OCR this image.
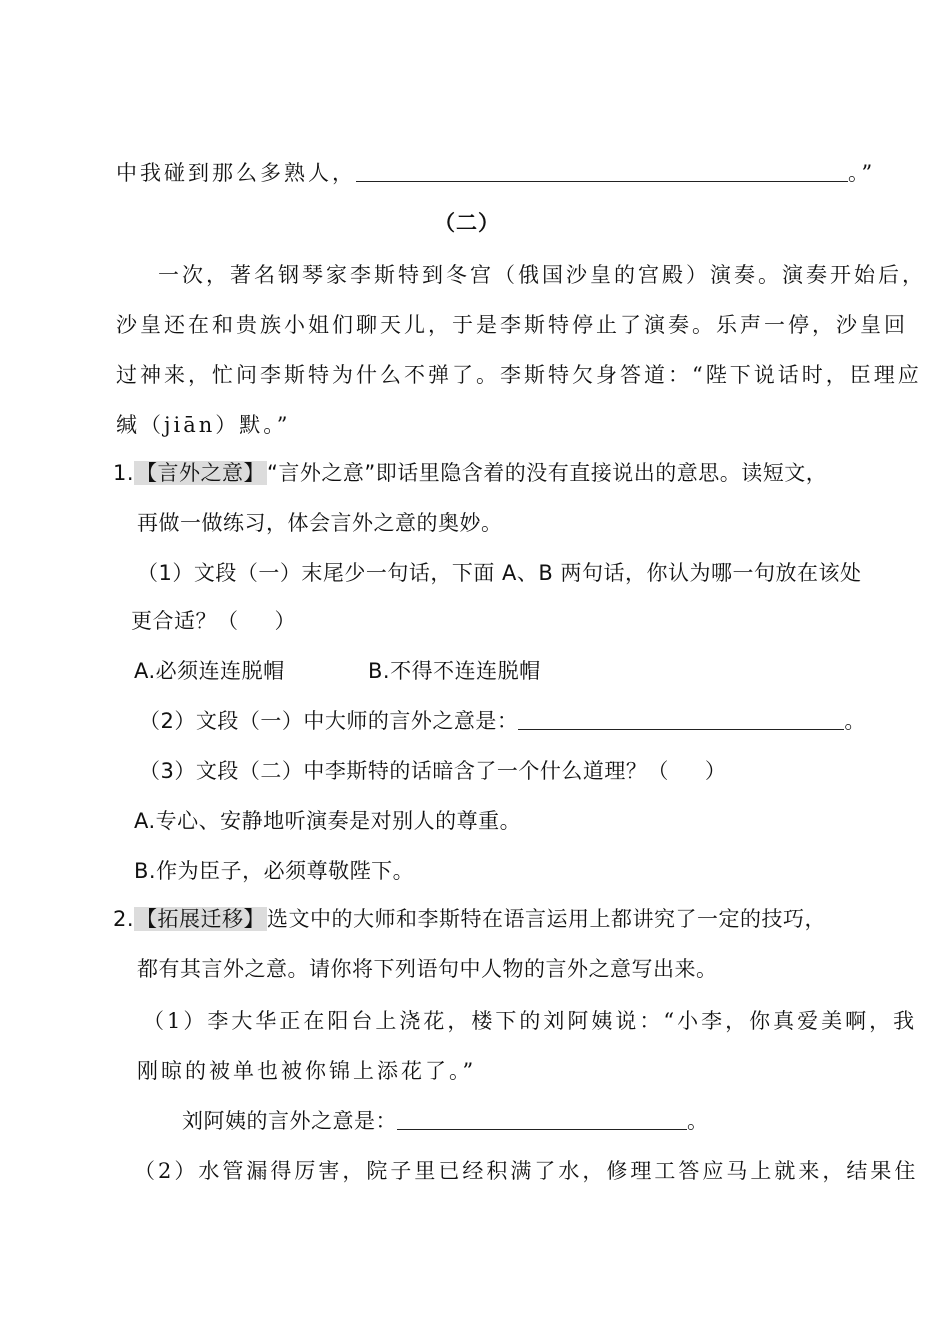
中我碰到那么多熟人，	。”
（二）
一次，著名钢琴家李斯特到冬宫（俄国沙皇的宫殿）演奏。演奏开始后，
沙皇还在和贵族小姐们聊天儿，于是李斯特停止了演奏。乐声一停，沙皇回
过神来，忙问李斯特为什么不弹了。李斯特欠身答道：“陛下说话时，臣理应
缄（jiān）默。”
1.【言外之意】“言外之意”即话里隐含着的没有直接说出的意思。读短文，
再做一做练习，体会言外之意的奥妙。
（1）文段（一）末尾少一句话，下面 A、B 两句话，你认为哪一句放在该处
更合适？（ ）
A.必须连连脱帽	B.不得不连连脱帽
（2）文段（一）中大师的言外之意是：	。
（3）文段（二）中李斯特的话暗含了一个什么道理？（ ）
A.专心、安静地听演奏是对别人的尊重。
B.作为臣子，必须尊敬陛下。
2.【拓展迁移】选文中的大师和李斯特在语言运用上都讲究了一定的技巧，
都有其言外之意。请你将下列语句中人物的言外之意写出来。
（1）李大华正在阳台上浇花，楼下的刘阿姨说：“小李，你真爱美啊，我
刚晾的被单也被你锦上添花了。”
刘阿姨的言外之意是：	。
（2）水管漏得厉害，院子里已经积满了水，修理工答应马上就来，结果住
